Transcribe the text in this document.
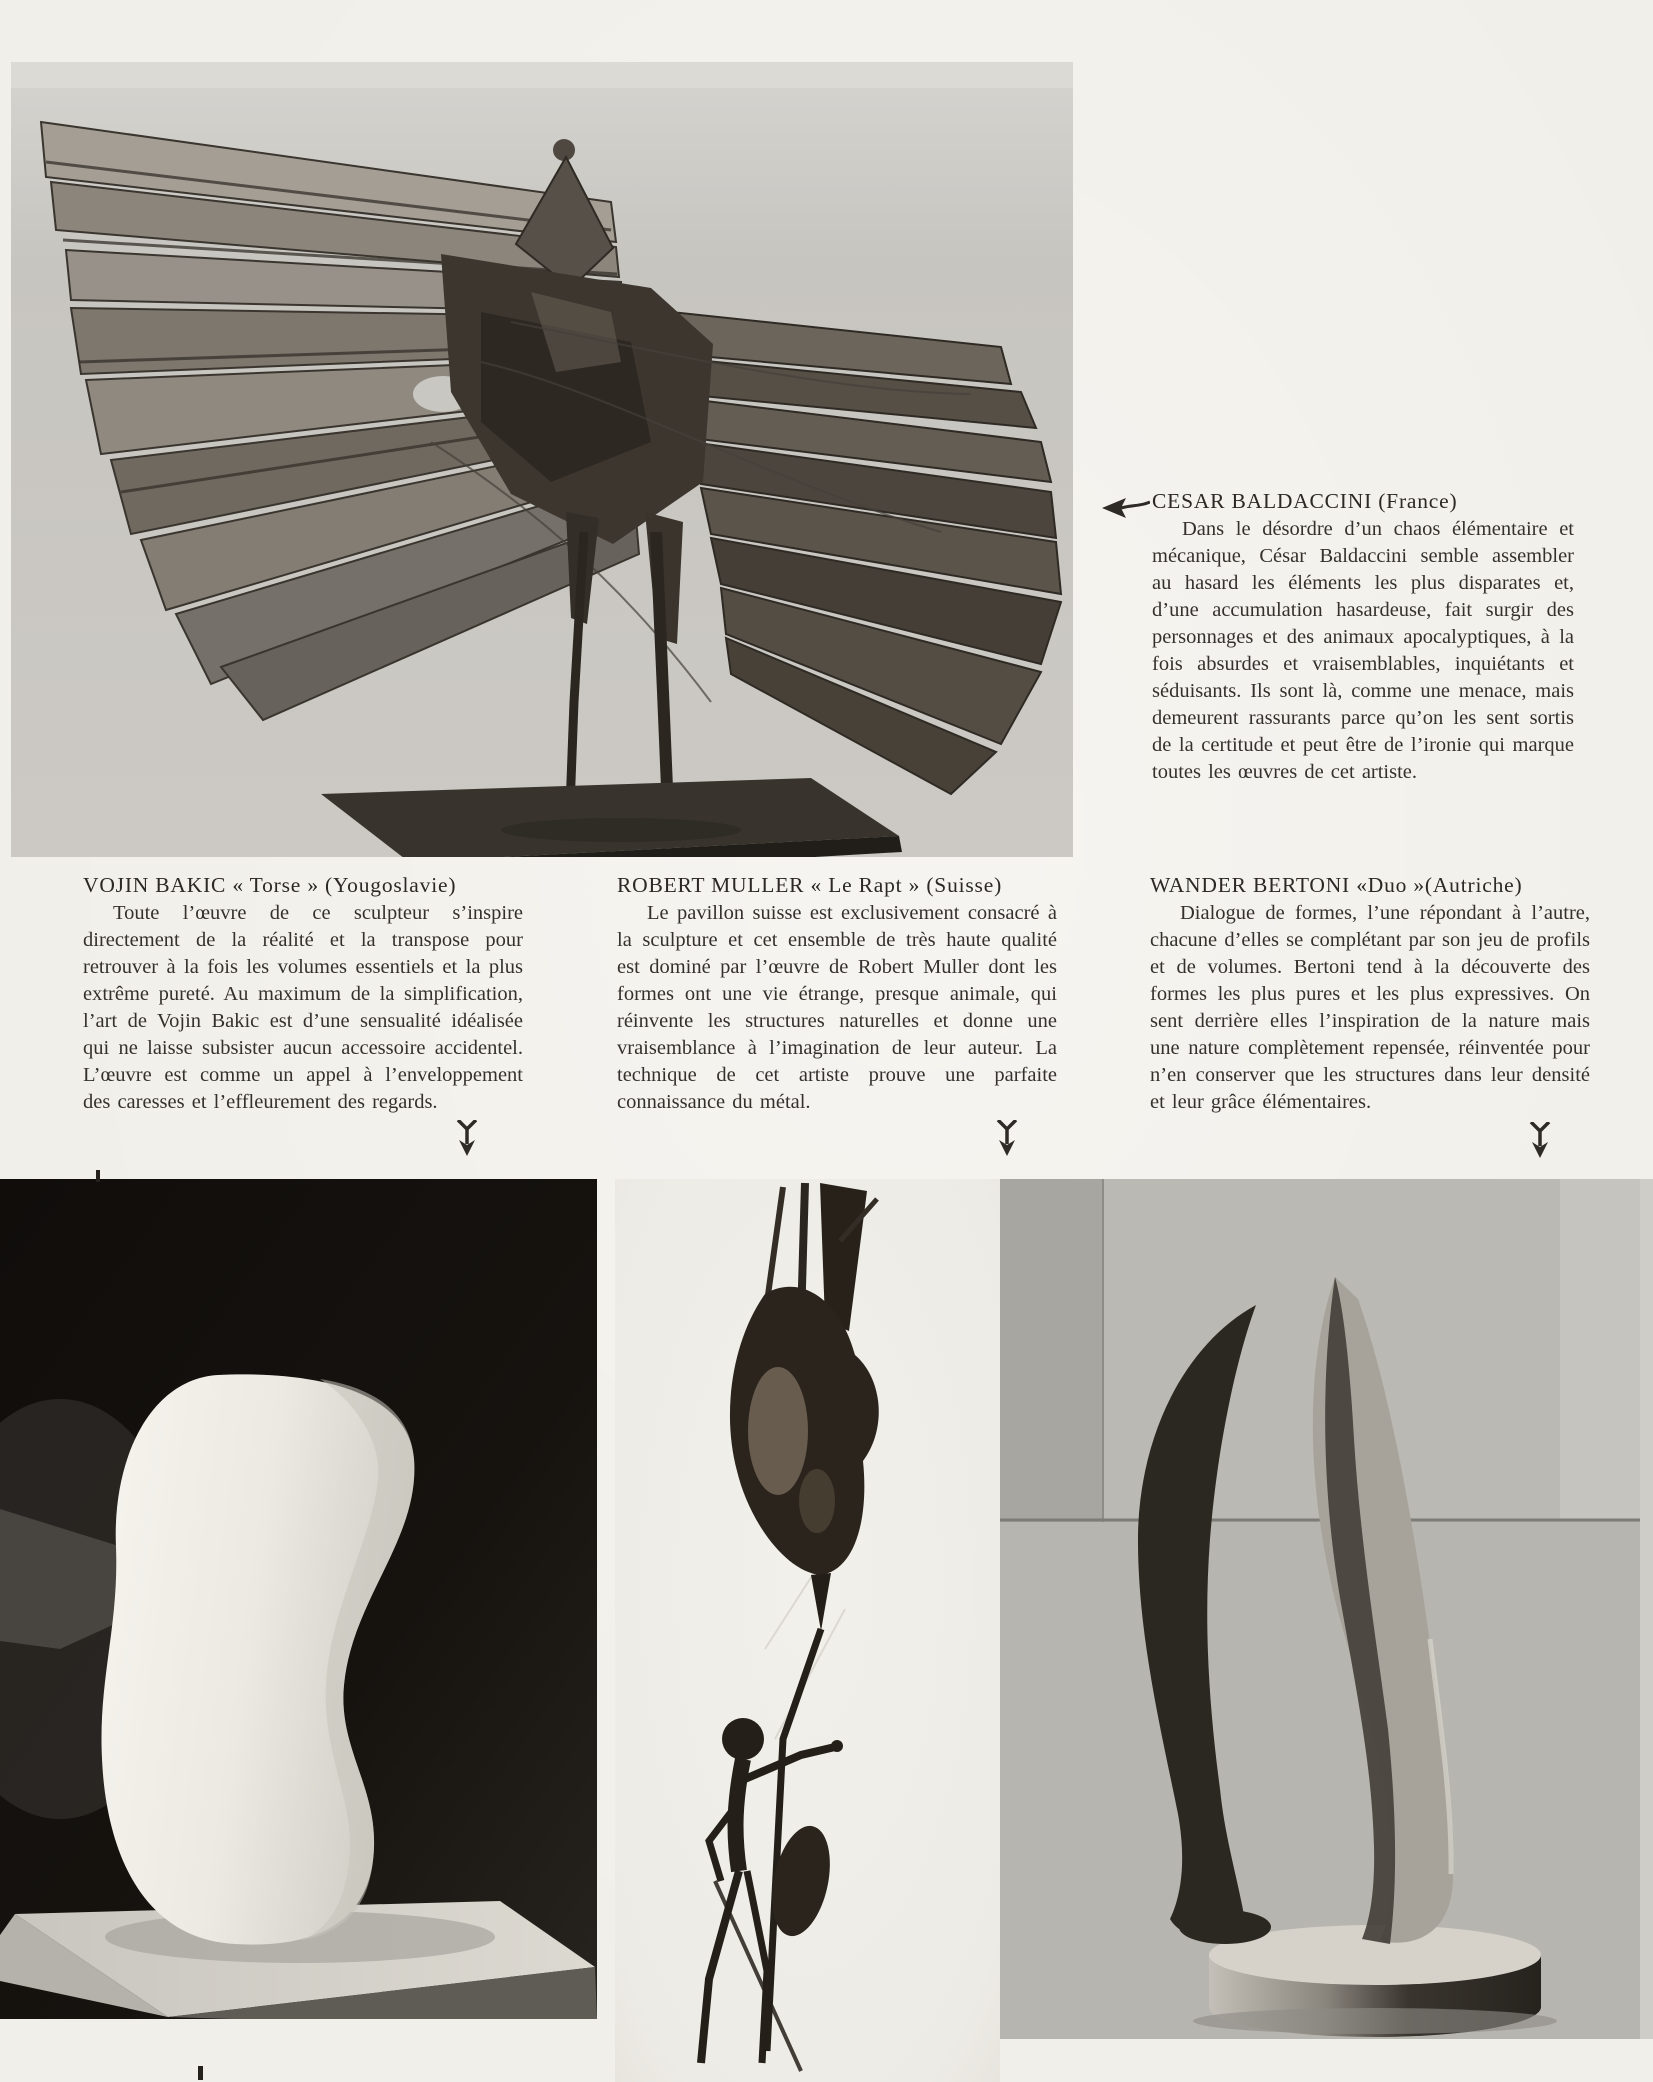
CESAR BALDACCINI (France)

Dans le désordre d’un chaos élémentaire et mécanique, César Baldaccini semble assembler au hasard les éléments les plus disparates et, d’une accumulation hasardeuse, fait surgir des personnages et des animaux apocalyptiques, à la fois absurdes et vraisemblables, inquiétants et séduisants. Ils sont là, comme une menace, mais demeurent rassurants parce qu’on les sent sortis de la certitude et peut être de l’ironie qui marque toutes les œuvres de cet artiste.

VOJIN BAKIC « Torse » (Yougoslavie)

Toute l’œuvre de ce sculpteur s’inspire directement de la réalité et la transpose pour retrouver à la fois les volumes essentiels et la plus extrême pureté. Au maximum de la simplification, l’art de Vojin Bakic est d’une sensualité idéalisée qui ne laisse subsister aucun accessoire accidentel. L’œuvre est comme un appel à l’enveloppement des caresses et l’effleurement des regards.

ROBERT MULLER « Le Rapt » (Suisse)

Le pavillon suisse est exclusivement consacré à la sculpture et cet ensemble de très haute qualité est dominé par l’œuvre de Robert Muller dont les formes ont une vie étrange, presque animale, qui réinvente les structures naturelles et donne une vraisemblance à l’imagination de leur auteur. La technique de cet artiste prouve une parfaite connaissance du métal.

WANDER BERTONI «Duo »(Autriche)

Dialogue de formes, l’une répondant à l’autre, chacune d’elles se complétant par son jeu de profils et de volumes. Bertoni tend à la découverte des formes les plus pures et les plus expressives. On sent derrière elles l’inspiration de la nature mais une nature complètement repensée, réinventée pour n’en conserver que les structures dans leur densité et leur grâce élémentaires.
